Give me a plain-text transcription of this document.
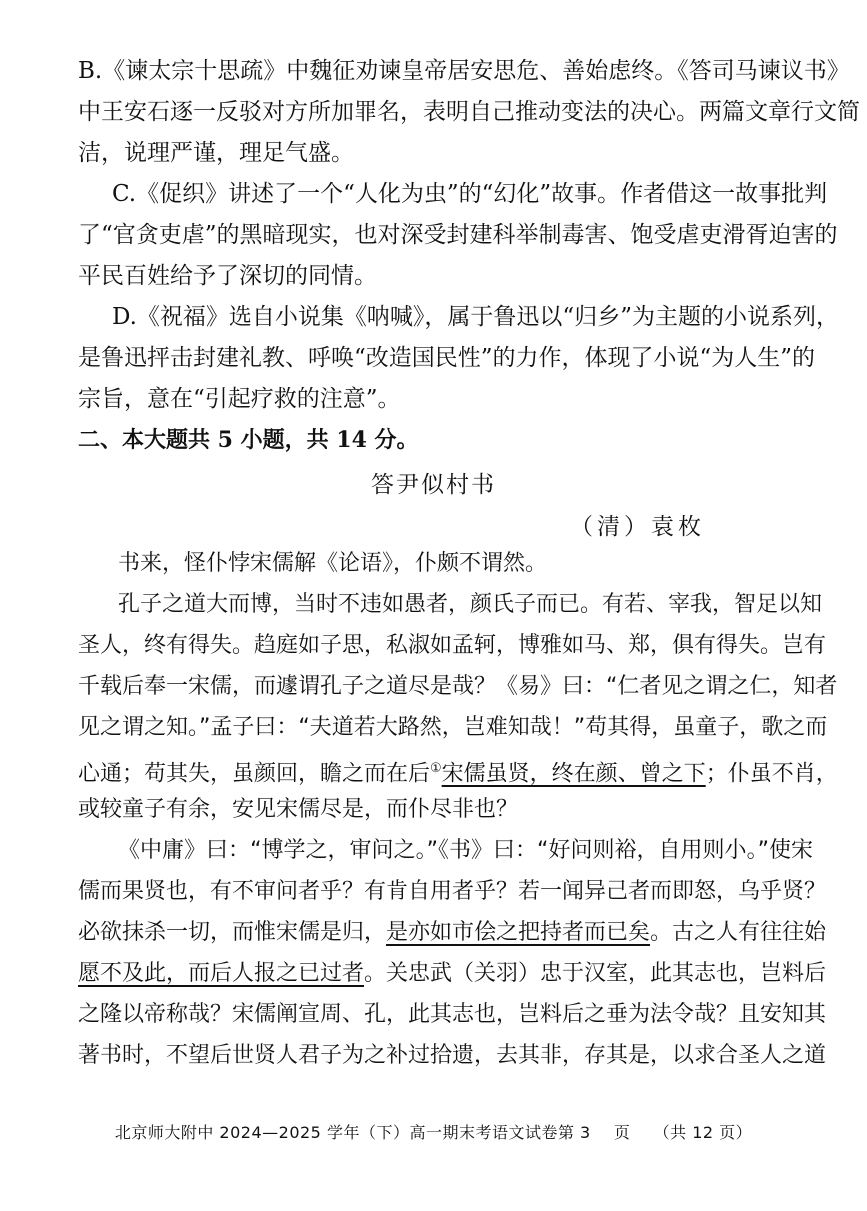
B.《谏太宗十思疏》中魏征劝谏皇帝居安思危、善始虑终。《答司马谏议书》
中王安石逐一反驳对方所加罪名，表明自己推动变法的决心。两篇文章行文简
洁，说理严谨，理足气盛。
C.《促织》讲述了一个“人化为虫”的“幻化”故事。作者借这一故事批判
了“官贪吏虐”的黑暗现实，也对深受封建科举制毒害、饱受虐吏滑胥迫害的
平民百姓给予了深切的同情。
D.《祝福》选自小说集《呐喊》，属于鲁迅以“归乡”为主题的小说系列，
是鲁迅抨击封建礼教、呼唤“改造国民性”的力作，体现了小说“为人生”的
宗旨，意在“引起疗救的注意”。
二、本大题共 5 小题，共 14 分。
答尹似村书
（清）袁枚
书来，怪仆悖宋儒解《论语》，仆颇不谓然。
孔子之道大而博，当时不违如愚者，颜氏子而已。有若、宰我，智足以知
圣人，终有得失。趋庭如子思，私淑如孟轲，博雅如马、郑，俱有得失。岂有
千载后奉一宋儒，而遽谓孔子之道尽是哉？《易》曰：“仁者见之谓之仁，知者
见之谓之知。”孟子曰：“夫道若大路然，岂难知哉！”苟其得，虽童子，歌之而
心通；苟其失，虽颜回，瞻之而在后①宋儒虽贤，终在颜、曾之下；仆虽不肖，
或较童子有余，安见宋儒尽是，而仆尽非也？
《中庸》曰：“博学之，审问之。”《书》曰：“好问则裕，自用则小。”使宋
儒而果贤也，有不审问者乎？有肯自用者乎？若一闻异己者而即怒，乌乎贤？
必欲抹杀一切，而惟宋儒是归，是亦如市侩之把持者而已矣。古之人有往往始
愿不及此，而后人报之已过者。关忠武（关羽）忠于汉室，此其志也，岂料后
之隆以帝称哉？宋儒阐宣周、孔，此其志也，岂料后之垂为法令哉？且安知其
著书时，不望后世贤人君子为之补过拾遗，去其非，存其是，以求合圣人之道
北京师大附中 2024—2025 学年（下）高一期末考语文试卷第 3 页 （共 12 页）
